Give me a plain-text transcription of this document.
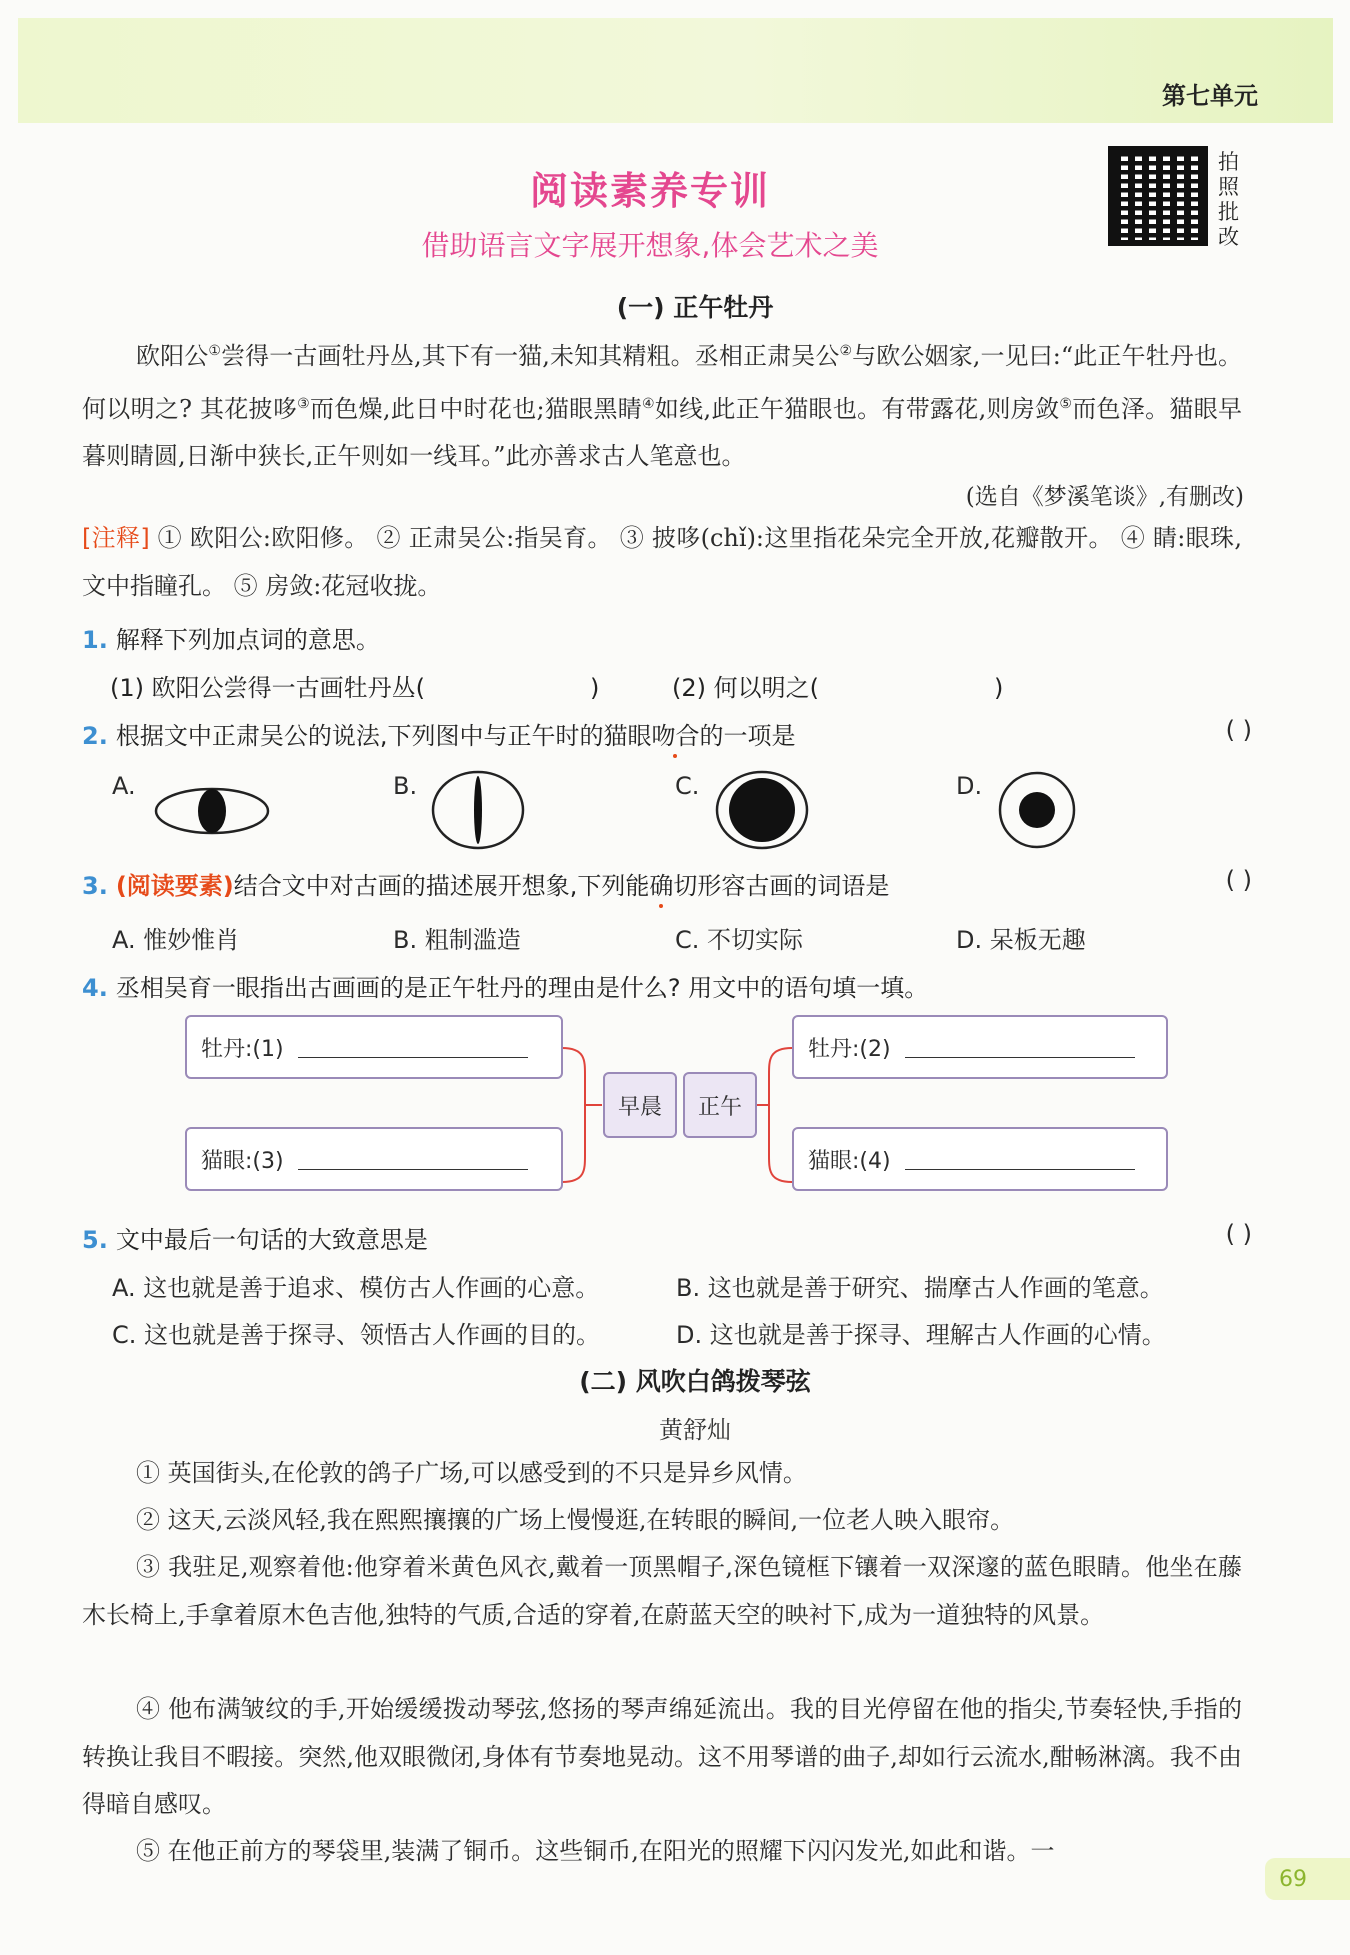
第七单元
拍照批改
阅读素养专训
借助语言文字展开想象,体会艺术之美
(一) 正午牡丹
欧阳公①尝得一古画牡丹丛,其下有一猫,未知其精粗。丞相正肃吴公②与欧公姻家,一见曰:“此正午牡丹也。何以明之? 其花披哆③而色燥,此日中时花也;猫眼黑睛④如线,此正午猫眼也。有带露花,则房敛⑤而色泽。猫眼早暮则睛圆,日渐中狭长,正午则如一线耳。”此亦善求古人笔意也。
(选自《梦溪笔谈》,有删改)
[注释] ① 欧阳公:欧阳修。 ② 正肃吴公:指吴育。 ③ 披哆(chǐ):这里指花朵完全开放,花瓣散开。 ④ 睛:眼珠,文中指瞳孔。 ⑤ 房敛:花冠收拢。
1. 解释下列加点词的意思。
(1) 欧阳公尝得一古画牡丹丛(	)	(2) 何以明之(	)
2. 根据文中正肃吴公的说法,下列图中与正午时的猫眼吻合的一项是	( )
A.	B.	C.	D.
3. (阅读要素)结合文中对古画的描述展开想象,下列能确切形容古画的词语是	( )
A. 惟妙惟肖	B. 粗制滥造	C. 不切实际	D. 呆板无趣
4. 丞相吴育一眼指出古画画的是正午牡丹的理由是什么? 用文中的语句填一填。
牡丹:(1)	牡丹:(2)
猫眼:(3)	猫眼:(4)
早晨	正午
5. 文中最后一句话的大致意思是	( )
A. 这也就是善于追求、模仿古人作画的心意。	B. 这也就是善于研究、揣摩古人作画的笔意。
C. 这也就是善于探寻、领悟古人作画的目的。	D. 这也就是善于探寻、理解古人作画的心情。
(二) 风吹白鸽拨琴弦
黄舒灿
① 英国街头,在伦敦的鸽子广场,可以感受到的不只是异乡风情。
② 这天,云淡风轻,我在熙熙攘攘的广场上慢慢逛,在转眼的瞬间,一位老人映入眼帘。
③ 我驻足,观察着他:他穿着米黄色风衣,戴着一顶黑帽子,深色镜框下镶着一双深邃的蓝色眼睛。他坐在藤木长椅上,手拿着原木色吉他,独特的气质,合适的穿着,在蔚蓝天空的映衬下,成为一道独特的风景。
④ 他布满皱纹的手,开始缓缓拨动琴弦,悠扬的琴声绵延流出。我的目光停留在他的指尖,节奏轻快,手指的转换让我目不暇接。突然,他双眼微闭,身体有节奏地晃动。这不用琴谱的曲子,却如行云流水,酣畅淋漓。我不由得暗自感叹。
⑤ 在他正前方的琴袋里,装满了铜币。这些铜币,在阳光的照耀下闪闪发光,如此和谐。一
69
